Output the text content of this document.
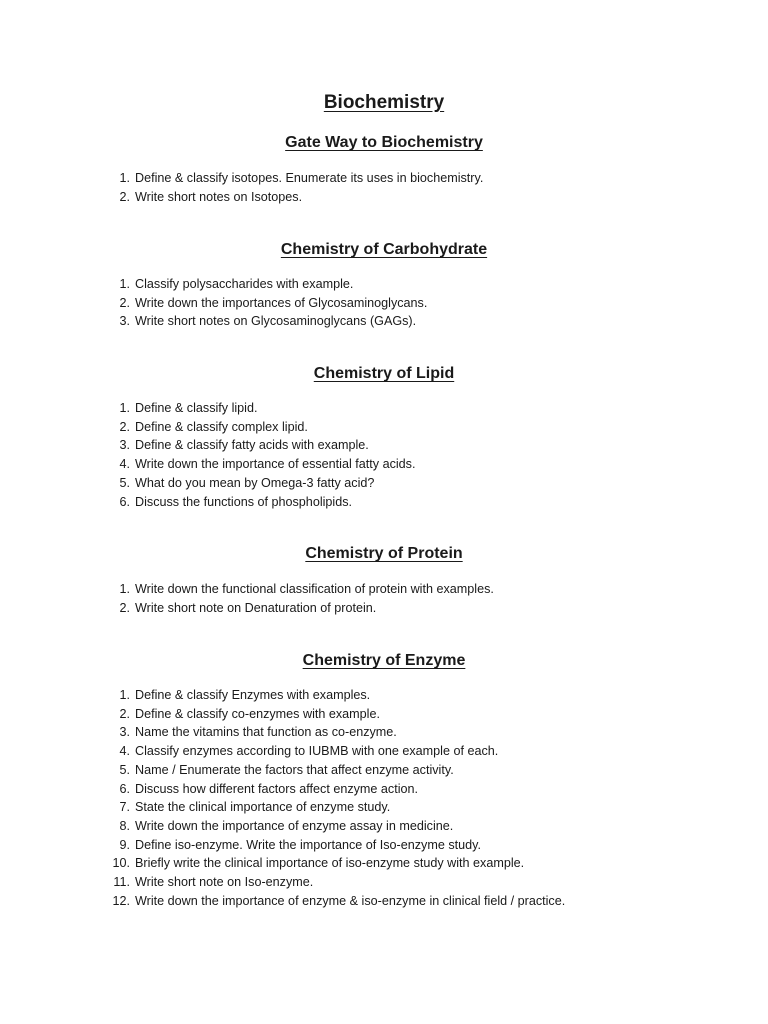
Biochemistry
Gate Way to Biochemistry
1. Define & classify isotopes. Enumerate its uses in biochemistry.
2. Write short notes on Isotopes.
Chemistry of Carbohydrate
1. Classify polysaccharides with example.
2. Write down the importances of Glycosaminoglycans.
3. Write short notes on Glycosaminoglycans (GAGs).
Chemistry of Lipid
1. Define & classify lipid.
2. Define & classify complex lipid.
3. Define & classify fatty acids with example.
4. Write down the importance of essential fatty acids.
5. What do you mean by Omega-3 fatty acid?
6. Discuss the functions of phospholipids.
Chemistry of Protein
1. Write down the functional classification of protein with examples.
2. Write short note on Denaturation of protein.
Chemistry of Enzyme
1. Define & classify Enzymes with examples.
2. Define & classify co-enzymes with example.
3. Name the vitamins that function as co-enzyme.
4. Classify enzymes according to IUBMB with one example of each.
5. Name / Enumerate the factors that affect enzyme activity.
6. Discuss how different factors affect enzyme action.
7. State the clinical importance of enzyme study.
8. Write down the importance of enzyme assay in medicine.
9. Define iso-enzyme. Write the importance of Iso-enzyme study.
10. Briefly write the clinical importance of iso-enzyme study with example.
11. Write short note on Iso-enzyme.
12. Write down the importance of enzyme & iso-enzyme in clinical field / practice.
